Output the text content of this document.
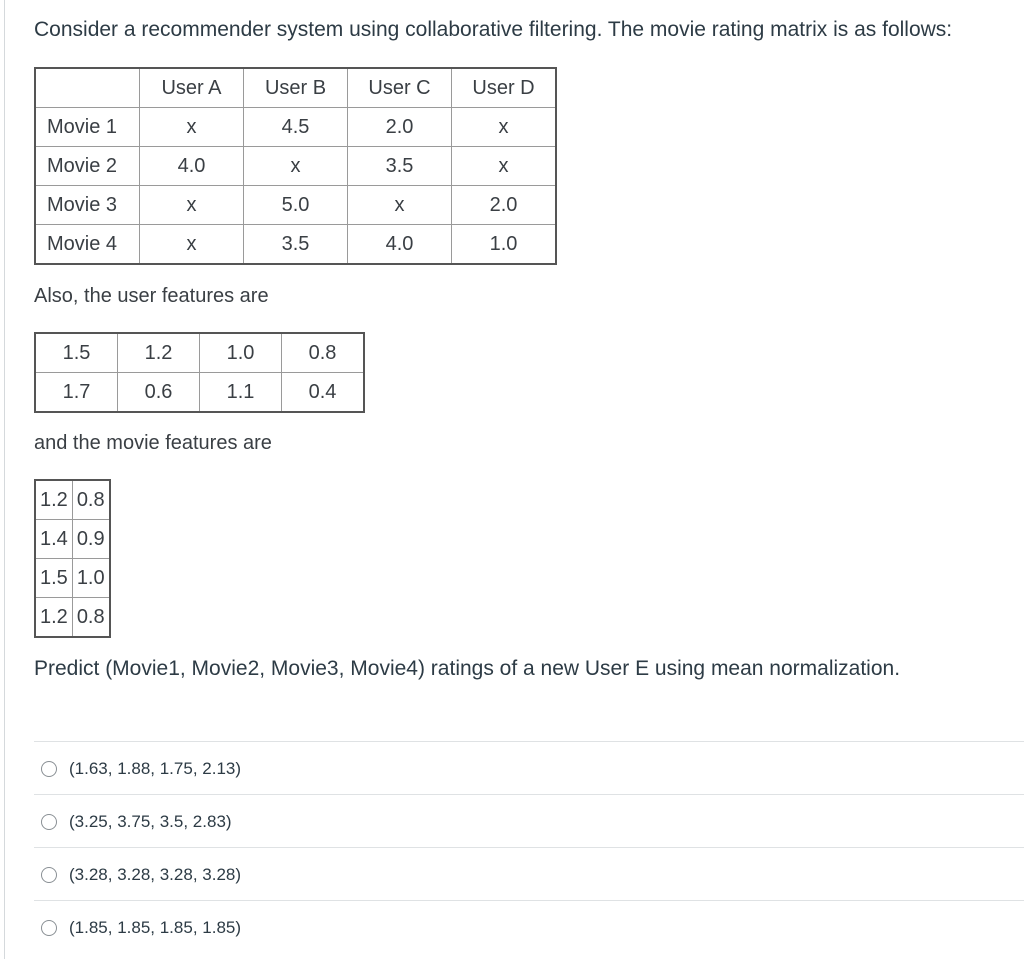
Consider a recommender system using collaborative filtering. The movie rating matrix is as follows:
	User A	User B	User C	User D
Movie 1	x	4.5	2.0	x
Movie 2	4.0	x	3.5	x
Movie 3	x	5.0	x	2.0
Movie 4	x	3.5	4.0	1.0
Also, the user features are
1.5	1.2	1.0	0.8
1.7	0.6	1.1	0.4
and the movie features are
1.2	0.8
1.4	0.9
1.5	1.0
1.2	0.8
Predict (Movie1, Movie2, Movie3, Movie4) ratings of a new User E using mean normalization.
(1.63, 1.88, 1.75, 2.13)
(3.25, 3.75, 3.5, 2.83)
(3.28, 3.28, 3.28, 3.28)
(1.85, 1.85, 1.85, 1.85)
